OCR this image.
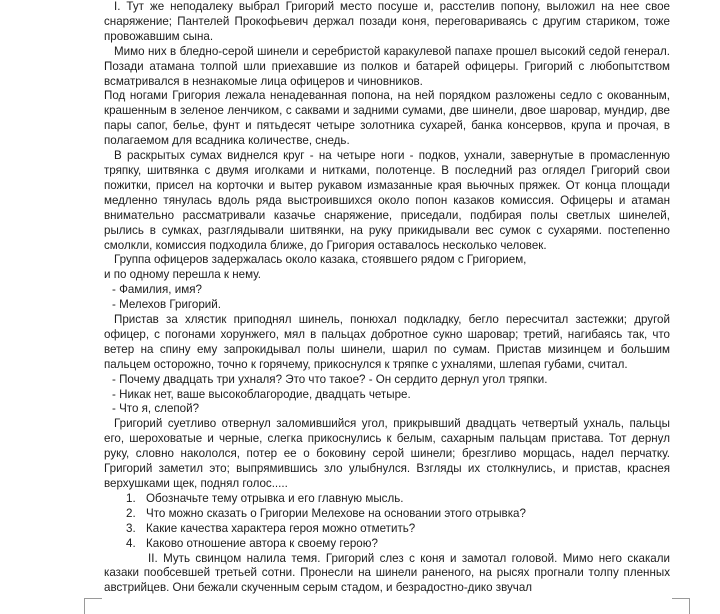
I. Тут же неподалеку выбрал Григорий место посуше и, расстелив попону, выложил на нее свое снаряжение; Пантелей Прокофьевич держал позади коня, переговариваясь с другим стариком, тоже провожавшим сына.

Мимо них в бледно-серой шинели и серебристой каракулевой папахе прошел высокий седой генерал. Позади атамана толпой шли приехавшие из полков и батарей офицеры. Григорий с любопытством всматривался в незнакомые лица офицеров и чиновников.

Под ногами Григория лежала ненадеванная попона, на ней порядком разложены седло с окованным, крашенным в зеленое ленчиком, с саквами и задними сумами, две шинели, двое шаровар, мундир, две пары сапог, белье, фунт и пятьдесят четыре золотника сухарей, банка консервов, крупа и прочая, в полагаемом для всадника количестве, снедь.

В раскрытых сумах виднелся круг - на четыре ноги - подков, ухнали, завернутые в промасленную тряпку, шитвянка с двумя иголками и нитками, полотенце. В последний раз оглядел Григорий свои пожитки, присел на корточки и вытер рукавом измазанные края вьючных пряжек. От конца площади медленно тянулась вдоль ряда выстроившихся около попон казаков комиссия. Офицеры и атаман внимательно рассматривали казачье снаряжение, приседали, подбирая полы светлых шинелей, рылись в сумках, разглядывали шитвянки, на руку прикидывали вес сумок с сухарями. постепенно смолкли, комиссия подходила ближе, до Григория оставалось несколько человек.

Группа офицеров задержалась около казака, стоявшего рядом с Григорием,

и по одному перешла к нему.

- Фамилия, имя?

- Мелехов Григорий.

Пристав за хлястик приподнял шинель, понюхал подкладку, бегло пересчитал застежки; другой офицер, с погонами хорунжего, мял в пальцах добротное сукно шаровар; третий, нагибаясь так, что ветер на спину ему запрокидывал полы шинели, шарил по сумам. Пристав мизинцем и большим пальцем осторожно, точно к горячему, прикоснулся к тряпке с ухналями, шлепая губами, считал.

- Почему двадцать три ухналя? Это что такое? - Он сердито дернул угол тряпки.

- Никак нет, ваше высокоблагородие, двадцать четыре.

- Что я, слепой?

Григорий суетливо отвернул заломившийся угол, прикрывший двадцать четвертый ухналь, пальцы его, шероховатые и черные, слегка прикоснулись к белым, сахарным пальцам пристава. Тот дернул руку, словно накололся, потер ее о боковину серой шинели; брезгливо морщась, надел перчатку. Григорий заметил это; выпрямившись зло улыбнулся. Взгляды их столкнулись, и пристав, краснея верхушками щек, поднял голос.....

1. Обозначьте тему отрывка и его главную мысль.
2. Что можно сказать о Григории Мелехове на основании этого отрывка?
3. Какие качества характера героя можно отметить?
4. Каково отношение автора к своему герою?

II. Муть свинцом налила темя. Григорий слез с коня и замотал головой. Мимо него скакали казаки пообсевшей третьей сотни. Пронесли на шинели раненого, на рысях прогнали толпу пленных австрийцев. Они бежали скученным серым стадом, и безрадостно-дико звучал
